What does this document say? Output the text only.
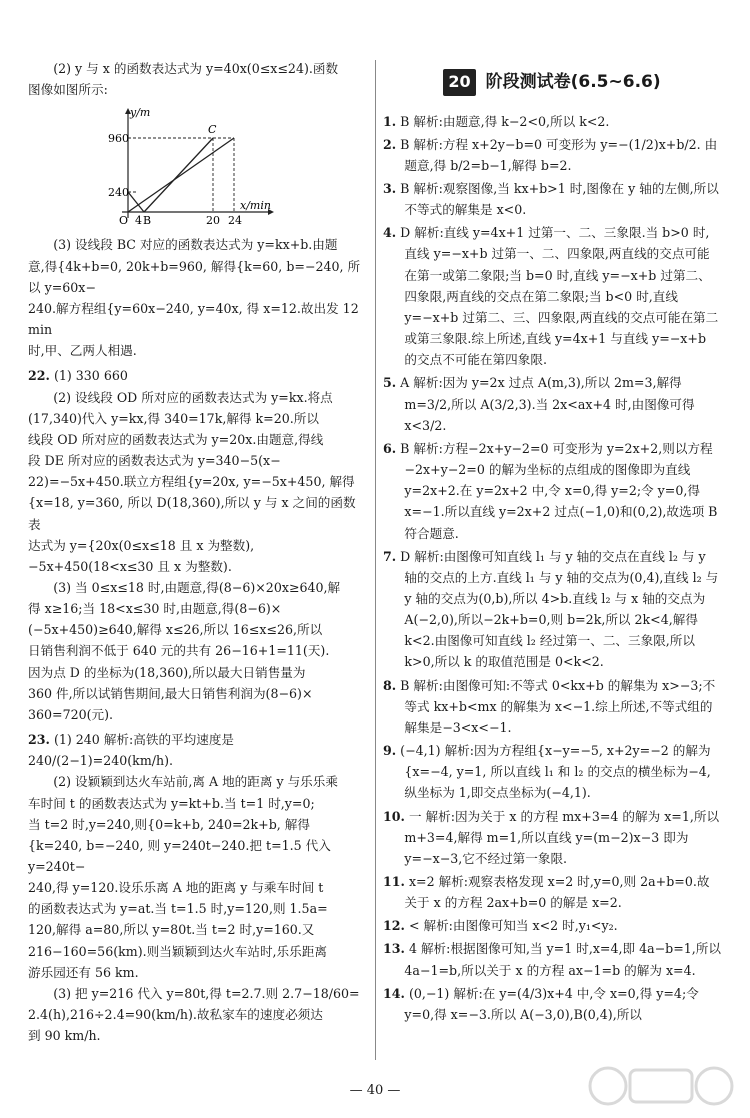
(2) y 与 x 的函数表达式为 y=40x(0≤x≤24).函数

图像如图所示:

y/m
x/min
960
240
O 4 B	20 24
C

(3) 设线段 BC 对应的函数表达式为 y=kx+b.由题

意,得{4k+b=0, 20k+b=960, 解得{k=60, b=−240, 所以 y=60x−

240.解方程组{y=60x−240, y=40x, 得 x=12.故出发 12 min

时,甲、乙两人相遇.

22. (1) 330 660

(2) 设线段 OD 所对应的函数表达式为 y=kx.将点

(17,340)代入 y=kx,得 340=17k,解得 k=20.所以

线段 OD 所对应的函数表达式为 y=20x.由题意,得线

段 DE 所对应的函数表达式为 y=340−5(x−

22)=−5x+450.联立方程组{y=20x, y=−5x+450, 解得

{x=18, y=360, 所以 D(18,360),所以 y 与 x 之间的函数表

达式为 y={20x(0≤x≤18 且 x 为整数), −5x+450(18<x≤30 且 x 为整数).

(3) 当 0≤x≤18 时,由题意,得(8−6)×20x≥640,解

得 x≥16;当 18<x≤30 时,由题意,得(8−6)×

(−5x+450)≥640,解得 x≤26,所以 16≤x≤26,所以

日销售利润不低于 640 元的共有 26−16+1=11(天).

因为点 D 的坐标为(18,360),所以最大日销售量为

360 件,所以试销售期间,最大日销售利润为(8−6)×

360=720(元).

23. (1) 240 解析:高铁的平均速度是 240/(2−1)=240(km/h).

(2) 设颖颖到达火车站前,离 A 地的距离 y 与乐乐乘

车时间 t 的函数表达式为 y=kt+b.当 t=1 时,y=0;

当 t=2 时,y=240,则{0=k+b, 240=2k+b, 解得

{k=240, b=−240, 则 y=240t−240.把 t=1.5 代入 y=240t−

240,得 y=120.设乐乐离 A 地的距离 y 与乘车时间 t

的函数表达式为 y=at.当 t=1.5 时,y=120,则 1.5a=

120,解得 a=80,所以 y=80t.当 t=2 时,y=160.又

216−160=56(km).则当颖颖到达火车站时,乐乐距离

游乐园还有 56 km.

(3) 把 y=216 代入 y=80t,得 t=2.7.则 2.7−18/60=

2.4(h),216÷2.4=90(km/h).故私家车的速度必须达

到 90 km/h.

20 阶段测试卷(6.5~6.6)

1. B 解析:由题意,得 k−2<0,所以 k<2.

2. B 解析:方程 x+2y−b=0 可变形为 y=−(1/2)x+b/2. 由题意,得 b/2=b−1,解得 b=2.

3. B 解析:观察图像,当 kx+b>1 时,图像在 y 轴的左侧,所以不等式的解集是 x<0.

4. D 解析:直线 y=4x+1 过第一、二、三象限.当 b>0 时,直线 y=−x+b 过第一、二、四象限,两直线的交点可能在第一或第二象限;当 b=0 时,直线 y=−x+b 过第二、四象限,两直线的交点在第二象限;当 b<0 时,直线 y=−x+b 过第二、三、四象限,两直线的交点可能在第二或第三象限.综上所述,直线 y=4x+1 与直线 y=−x+b 的交点不可能在第四象限.

5. A 解析:因为 y=2x 过点 A(m,3),所以 2m=3,解得 m=3/2,所以 A(3/2,3).当 2x<ax+4 时,由图像可得 x<3/2.

6. B 解析:方程−2x+y−2=0 可变形为 y=2x+2,则以方程−2x+y−2=0 的解为坐标的点组成的图像即为直线 y=2x+2.在 y=2x+2 中,令 x=0,得 y=2;令 y=0,得 x=−1.所以直线 y=2x+2 过点(−1,0)和(0,2),故选项 B 符合题意.

7. D 解析:由图像可知直线 l₁ 与 y 轴的交点在直线 l₂ 与 y 轴的交点的上方.直线 l₁ 与 y 轴的交点为(0,4),直线 l₂ 与 y 轴的交点为(0,b),所以 4>b.直线 l₂ 与 x 轴的交点为 A(−2,0),所以−2k+b=0,则 b=2k,所以 2k<4,解得 k<2.由图像可知直线 l₂ 经过第一、二、三象限,所以 k>0,所以 k 的取值范围是 0<k<2.

8. B 解析:由图像可知:不等式 0<kx+b 的解集为 x>−3;不等式 kx+b<mx 的解集为 x<−1.综上所述,不等式组的解集是−3<x<−1.

9. (−4,1) 解析:因为方程组{x−y=−5, x+2y=−2 的解为{x=−4, y=1, 所以直线 l₁ 和 l₂ 的交点的横坐标为−4,纵坐标为 1,即交点坐标为(−4,1).

10. 一 解析:因为关于 x 的方程 mx+3=4 的解为 x=1,所以 m+3=4,解得 m=1,所以直线 y=(m−2)x−3 即为 y=−x−3,它不经过第一象限.

11. x=2 解析:观察表格发现 x=2 时,y=0,则 2a+b=0.故关于 x 的方程 2ax+b=0 的解是 x=2.

12. < 解析:由图像可知当 x<2 时,y₁<y₂.

13. 4 解析:根据图像可知,当 y=1 时,x=4,即 4a−b=1,所以 4a−1=b,所以关于 x 的方程 ax−1=b 的解为 x=4.

14. (0,−1) 解析:在 y=(4/3)x+4 中,令 x=0,得 y=4;令 y=0,得 x=−3.所以 A(−3,0),B(0,4),所以

— 40 —
